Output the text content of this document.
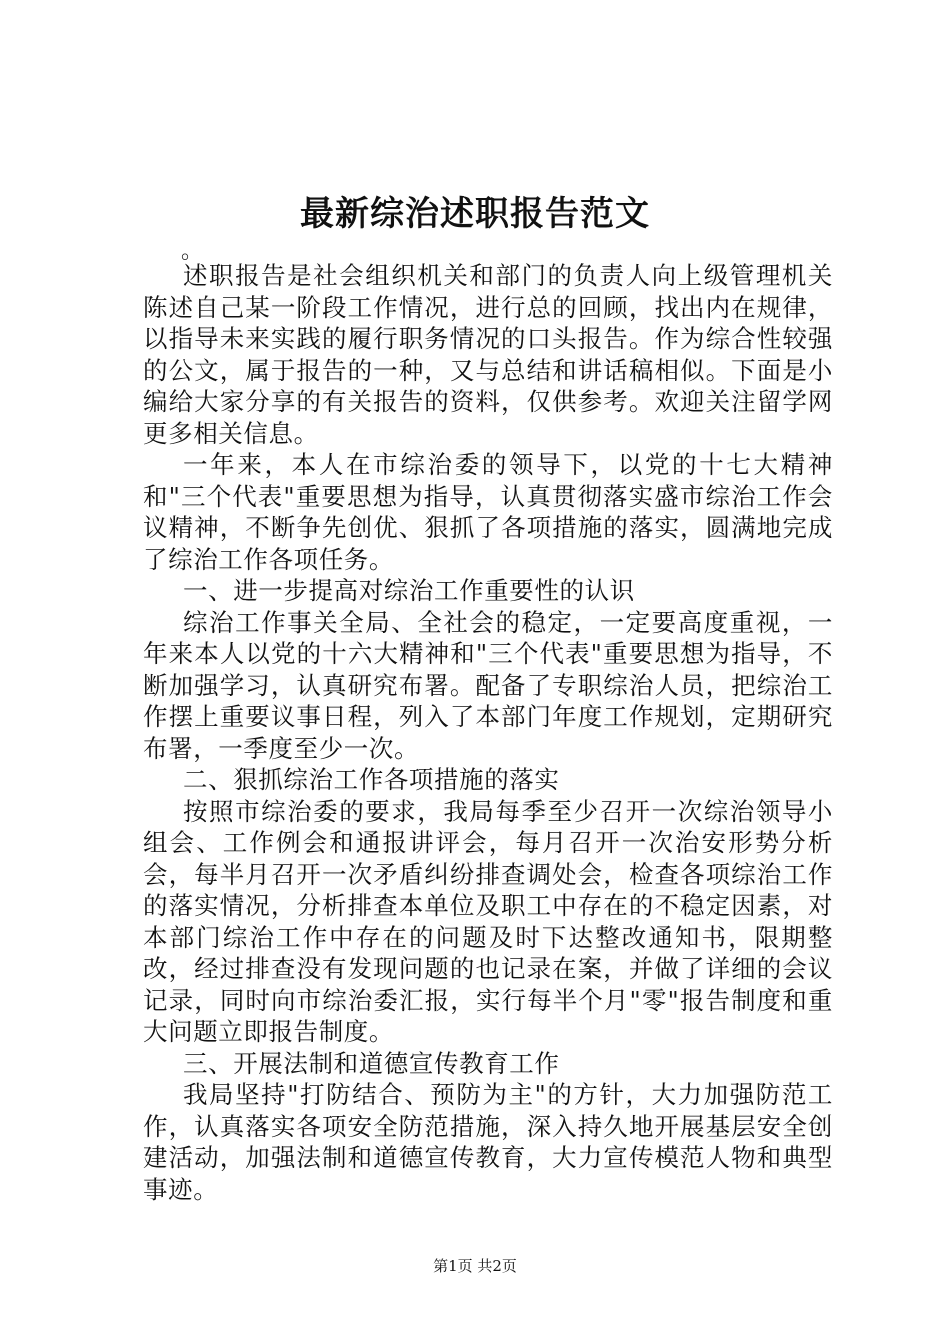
最新综治述职报告范文

。

述职报告是社会组织机关和部门的负责人向上级管理机关陈述自己某一阶段工作情况，进行总的回顾，找出内在规律，以指导未来实践的履行职务情况的口头报告。作为综合性较强的公文，属于报告的一种，又与总结和讲话稿相似。下面是小编给大家分享的有关报告的资料，仅供参考。欢迎关注留学网更多相关信息。

一年来，本人在市综治委的领导下，以党的十七大精神和"三个代表"重要思想为指导，认真贯彻落实盛市综治工作会议精神，不断争先创优、狠抓了各项措施的落实，圆满地完成了综治工作各项任务。

一、进一步提高对综治工作重要性的认识

综治工作事关全局、全社会的稳定，一定要高度重视，一年来本人以党的十六大精神和"三个代表"重要思想为指导，不断加强学习，认真研究布署。配备了专职综治人员，把综治工作摆上重要议事日程，列入了本部门年度工作规划，定期研究布署，一季度至少一次。

二、狠抓综治工作各项措施的落实

按照市综治委的要求，我局每季至少召开一次综治领导小组会、工作例会和通报讲评会，每月召开一次治安形势分析会，每半月召开一次矛盾纠纷排查调处会，检查各项综治工作的落实情况，分析排查本单位及职工中存在的不稳定因素，对本部门综治工作中存在的问题及时下达整改通知书，限期整改，经过排查没有发现问题的也记录在案，并做了详细的会议记录，同时向市综治委汇报，实行每半个月"零"报告制度和重大问题立即报告制度。

三、开展法制和道德宣传教育工作

我局坚持"打防结合、预防为主"的方针，大力加强防范工作，认真落实各项安全防范措施，深入持久地开展基层安全创建活动，加强法制和道德宣传教育，大力宣传模范人物和典型事迹。

第1页 共2页
